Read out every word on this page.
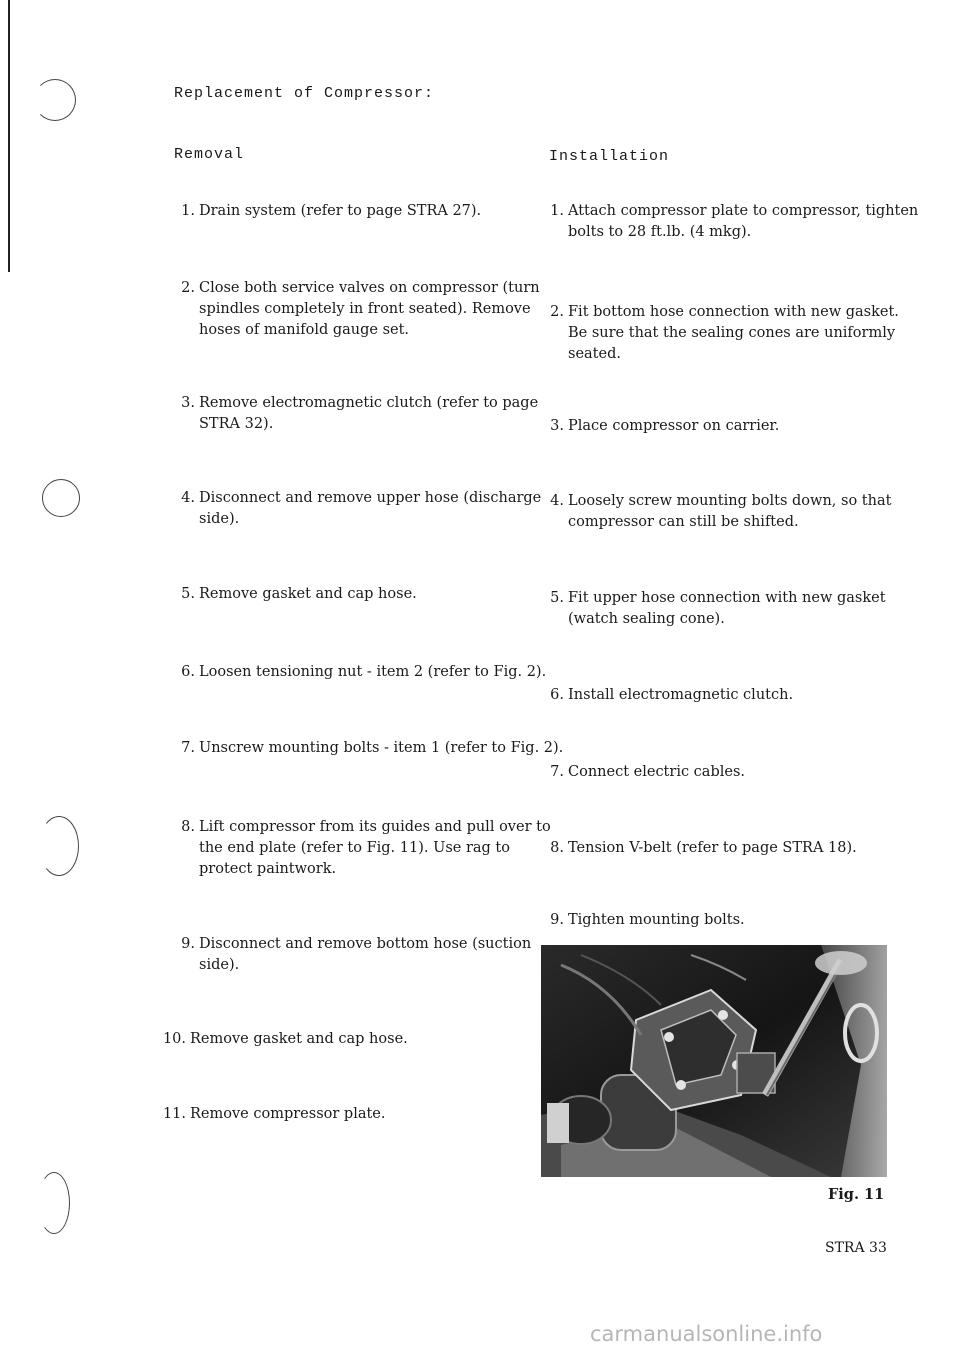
Replacement of Compressor:
Removal	Installation
1. Drain system (refer to page STRA 27).
2. Close both service valves on compressor (turn
spindles completely in front seated). Remove
hoses of manifold gauge set.
3. Remove electromagnetic clutch (refer to page
STRA 32).
4. Disconnect and remove upper hose (discharge
side).
5. Remove gasket and cap hose.
6. Loosen tensioning nut - item 2 (refer to Fig. 2).
7. Unscrew mounting bolts - item 1 (refer to Fig. 2).
8. Lift compressor from its guides and pull over to
the end plate (refer to Fig. 11). Use rag to
protect paintwork.
9. Disconnect and remove bottom hose (suction
side).
10. Remove gasket and cap hose.
11. Remove compressor plate.
1. Attach compressor plate to compressor, tighten
bolts to 28 ft.lb. (4 mkg).
2. Fit bottom hose connection with new gasket.
Be sure that the sealing cones are uniformly
seated.
3. Place compressor on carrier.
4. Loosely screw mounting bolts down, so that
compressor can still be shifted.
5. Fit upper hose connection with new gasket
(watch sealing cone).
6. Install electromagnetic clutch.
7. Connect electric cables.
8. Tension V-belt (refer to page STRA 18).
9. Tighten mounting bolts.
Fig. 11
STRA 33
carmanualsonline.info
